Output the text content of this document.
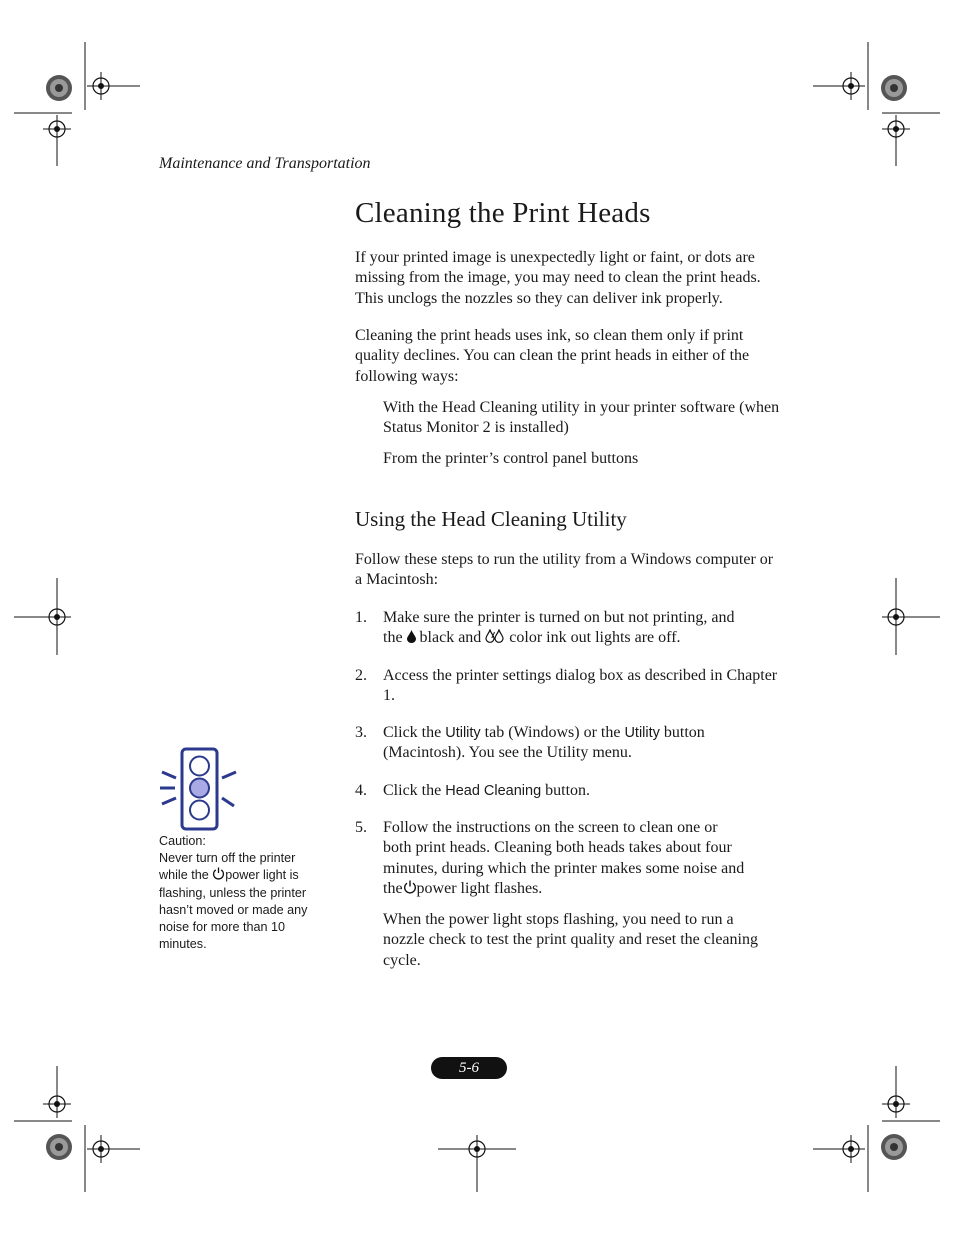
Maintenance and Transportation
Cleaning the Print Heads

If your printed image is unexpectedly light or faint, or dots are missing from the image, you may need to clean the print heads. This unclogs the nozzles so they can deliver ink properly.

Cleaning the print heads uses ink, so clean them only if print quality declines. You can clean the print heads in either of the following ways:

With the Head Cleaning utility in your printer software (when Status Monitor 2 is installed)

From the printer’s control panel buttons

Using the Head Cleaning Utility

Follow these steps to run the utility from a Windows computer or a Macintosh:

1. Make sure the printer is turned on but not printing, and
the black and color ink out lights are off.
2. Access the printer settings dialog box as described in Chapter 1.
3. Click the Utility tab (Windows) or the Utility button
(Macintosh). You see the Utility menu.
4. Click the Head Cleaning button.
5. Follow the instructions on the screen to clean one or
both print heads. Cleaning both heads takes about four
minutes, during which the printer makes some noise and
the power light flashes.

When the power light stops flashing, you need to run a nozzle check to test the print quality and reset the cleaning cycle.

Caution:
Never turn off the printer
while the power light is
flashing, unless the printer hasn’t moved or made any noise for more than 10 minutes.
5-6
